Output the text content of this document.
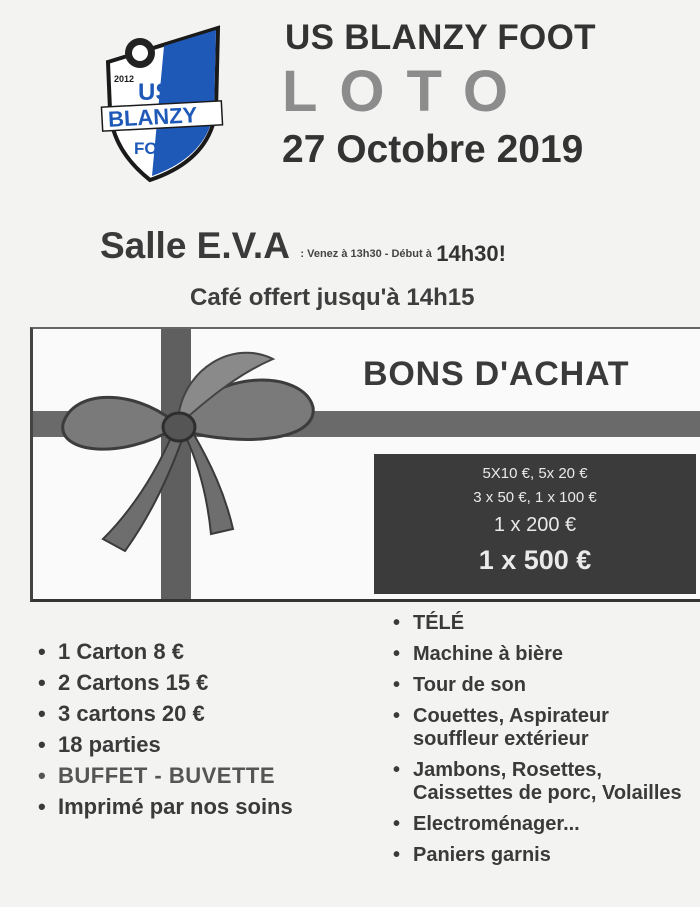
2012 US
BLANZY
FOOT
US BLANZY FOOT
LOTO
27 Octobre 2019
Salle E.V.A : Venez à 13h30 - Début à 14h30!
Café offert jusqu'à 14h15
BONS D'ACHAT
5X10 €, 5x 20 €
3 x 50 €, 1 x 100 €
1 x 200 €
1 x 500 €
• 1 Carton 8 €
• 2 Cartons 15 €
• 3 cartons 20 €
• 18 parties
• BUFFET - BUVETTE
• Imprimé par nos soins
• TÉLÉ
• Machine à bière
• Tour de son
• Couettes, Aspirateur souffleur extérieur
• Jambons, Rosettes, Caissettes de porc, Volailles
• Electroménager...
• Paniers garnis
